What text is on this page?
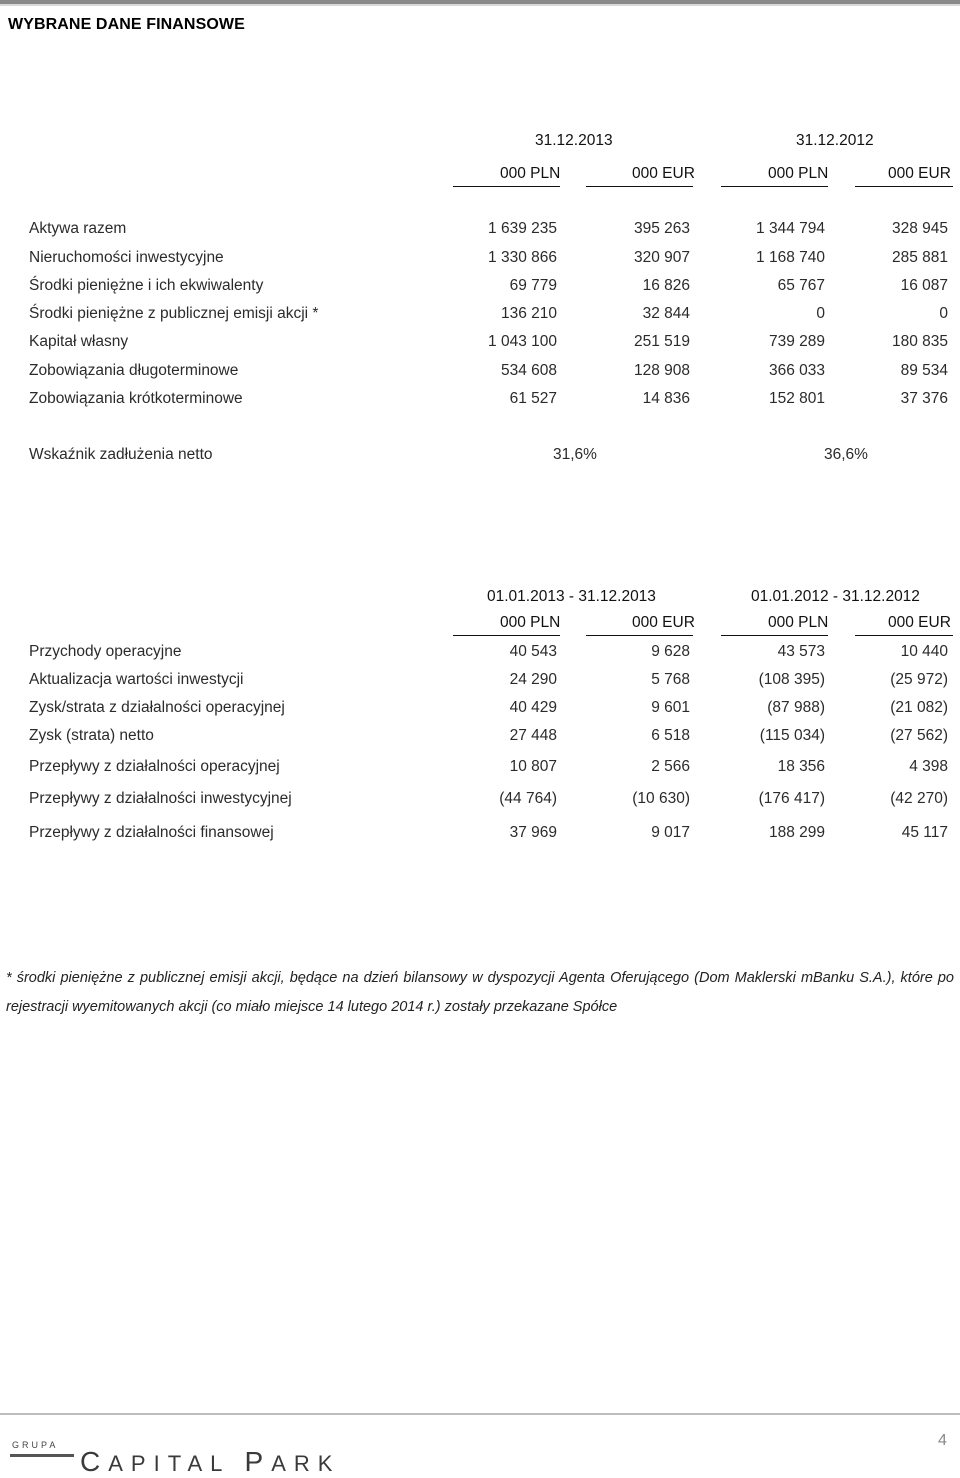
WYBRANE DANE FINANSOWE
31.12.2013	31.12.2012
000 PLN	000 EUR	000 PLN	000 EUR
Aktywa razem	1 639 235	395 263	1 344 794	328 945
Nieruchomości inwestycyjne	1 330 866	320 907	1 168 740	285 881
Środki pieniężne i ich ekwiwalenty	69 779	16 826	65 767	16 087
Środki pieniężne z publicznej emisji akcji *	136 210	32 844	0	0
Kapitał własny	1 043 100	251 519	739 289	180 835
Zobowiązania długoterminowe	534 608	128 908	366 033	89 534
Zobowiązania krótkoterminowe	61 527	14 836	152 801	37 376
Wskaźnik zadłużenia netto	31,6%	36,6%
01.01.2013 - 31.12.2013	01.01.2012 - 31.12.2012
000 PLN	000 EUR	000 PLN	000 EUR
Przychody operacyjne	40 543	9 628	43 573	10 440
Aktualizacja wartości inwestycji	24 290	5 768	(108 395)	(25 972)
Zysk/strata z działalności operacyjnej	40 429	9 601	(87 988)	(21 082)
Zysk (strata) netto	27 448	6 518	(115 034)	(27 562)
Przepływy z działalności operacyjnej	10 807	2 566	18 356	4 398
Przepływy z działalności inwestycyjnej	(44 764)	(10 630)	(176 417)	(42 270)
Przepływy z działalności finansowej	37 969	9 017	188 299	45 117
* środki pieniężne z publicznej emisji akcji, będące na dzień bilansowy w dyspozycji Agenta Oferującego (Dom Maklerski mBanku S.A.), które po
rejestracji wyemitowanych akcji (co miało miejsce 14 lutego 2014 r.) zostały przekazane Spółce
GRUPA
CAPITAL PARK
4
